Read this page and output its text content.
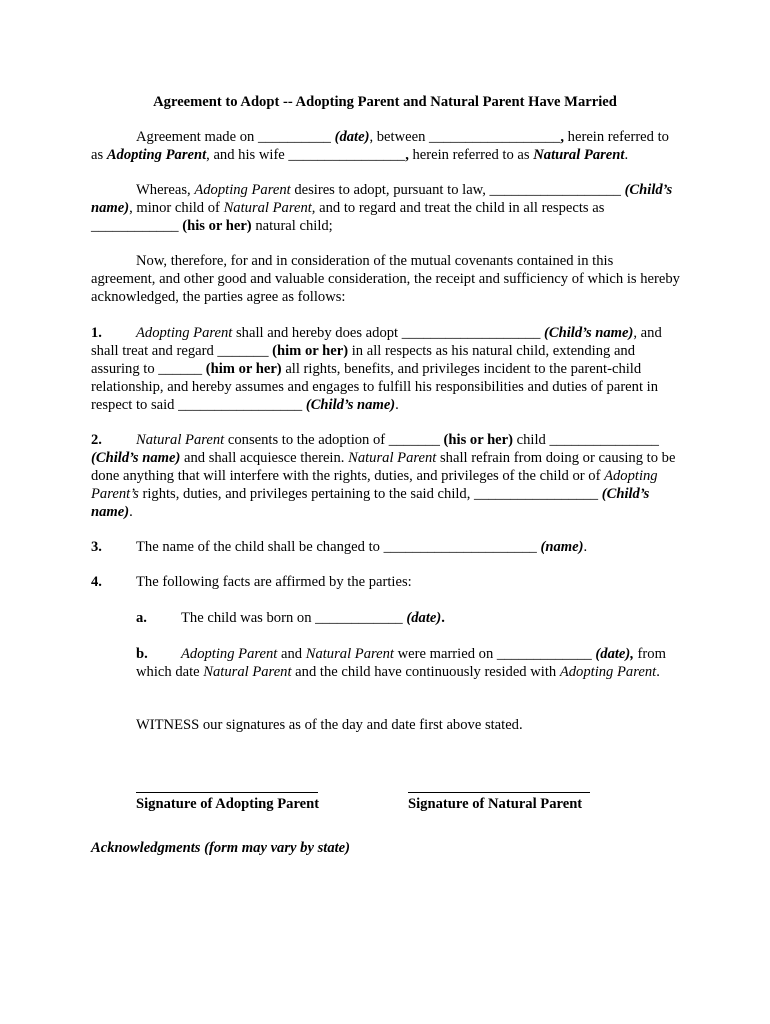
Agreement to Adopt -- Adopting Parent and Natural Parent Have Married

Agreement made on __________ (date), between __________________, herein referred to as Adopting Parent, and his wife ________________, herein referred to as Natural Parent.

Whereas, Adopting Parent desires to adopt, pursuant to law, __________________ (Child’s name), minor child of Natural Parent, and to regard and treat the child in all respects as ____________ (his or her) natural child;

Now, therefore, for and in consideration of the mutual covenants contained in this agreement, and other good and valuable consideration, the receipt and sufficiency of which is hereby acknowledged, the parties agree as follows:

1. Adopting Parent shall and hereby does adopt ___________________ (Child’s name), and shall treat and regard _______ (him or her) in all respects as his natural child, extending and assuring to ______ (him or her) all rights, benefits, and privileges incident to the parent-child relationship, and hereby assumes and engages to fulfill his responsibilities and duties of parent in respect to said _________________ (Child’s name).

2. Natural Parent consents to the adoption of _______ (his or her) child _______________ (Child’s name) and shall acquiesce therein. Natural Parent shall refrain from doing or causing to be done anything that will interfere with the rights, duties, and privileges of the child or of Adopting Parent’s rights, duties, and privileges pertaining to the said child, _________________ (Child’s name).

3. The name of the child shall be changed to _____________________ (name).

4. The following facts are affirmed by the parties:

a. The child was born on ____________ (date).

b. Adopting Parent and Natural Parent were married on _____________ (date), from which date Natural Parent and the child have continuously resided with Adopting Parent.

WITNESS our signatures as of the day and date first above stated.

Signature of Adopting Parent	Signature of Natural Parent

Acknowledgments (form may vary by state)
